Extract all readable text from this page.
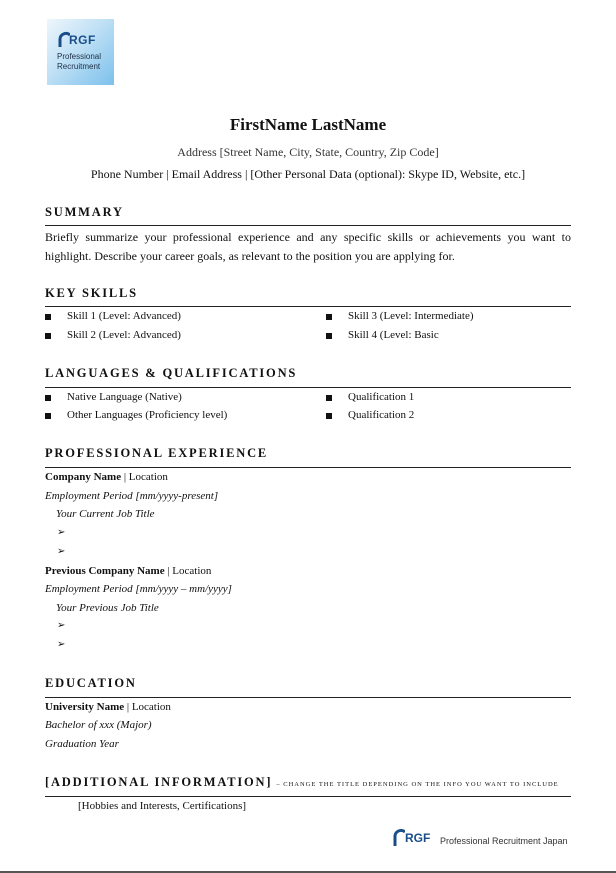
RGF
Professional
Recruitment
FirstName LastName
Address [Street Name, City, State, Country, Zip Code]
Phone Number | Email Address | [Other Personal Data (optional): Skype ID, Website, etc.]
SUMMARY
Briefly summarize your professional experience and any specific skills or achievements you want to highlight. Describe your career goals, as relevant to the position you are applying for.
KEY SKILLS
Skill 1 (Level: Advanced)
Skill 2 (Level: Advanced)
Skill 3 (Level: Intermediate)
Skill 4 (Level: Basic
LANGUAGES & QUALIFICATIONS
Native Language (Native)
Other Languages (Proficiency level)
Qualification 1
Qualification 2
PROFESSIONAL EXPERIENCE
Company Name | Location
Employment Period [mm/yyyy-present]
Your Current Job Title
➢
➢
Previous Company Name | Location
Employment Period [mm/yyyy – mm/yyyy]
Your Previous Job Title
➢
➢
EDUCATION
University Name | Location
Bachelor of xxx (Major)
Graduation Year
[ADDITIONAL INFORMATION] – CHANGE THE TITLE DEPENDING ON THE INFO YOU WANT TO INCLUDE
[Hobbies and Interests, Certifications]
RGF Professional Recruitment Japan
